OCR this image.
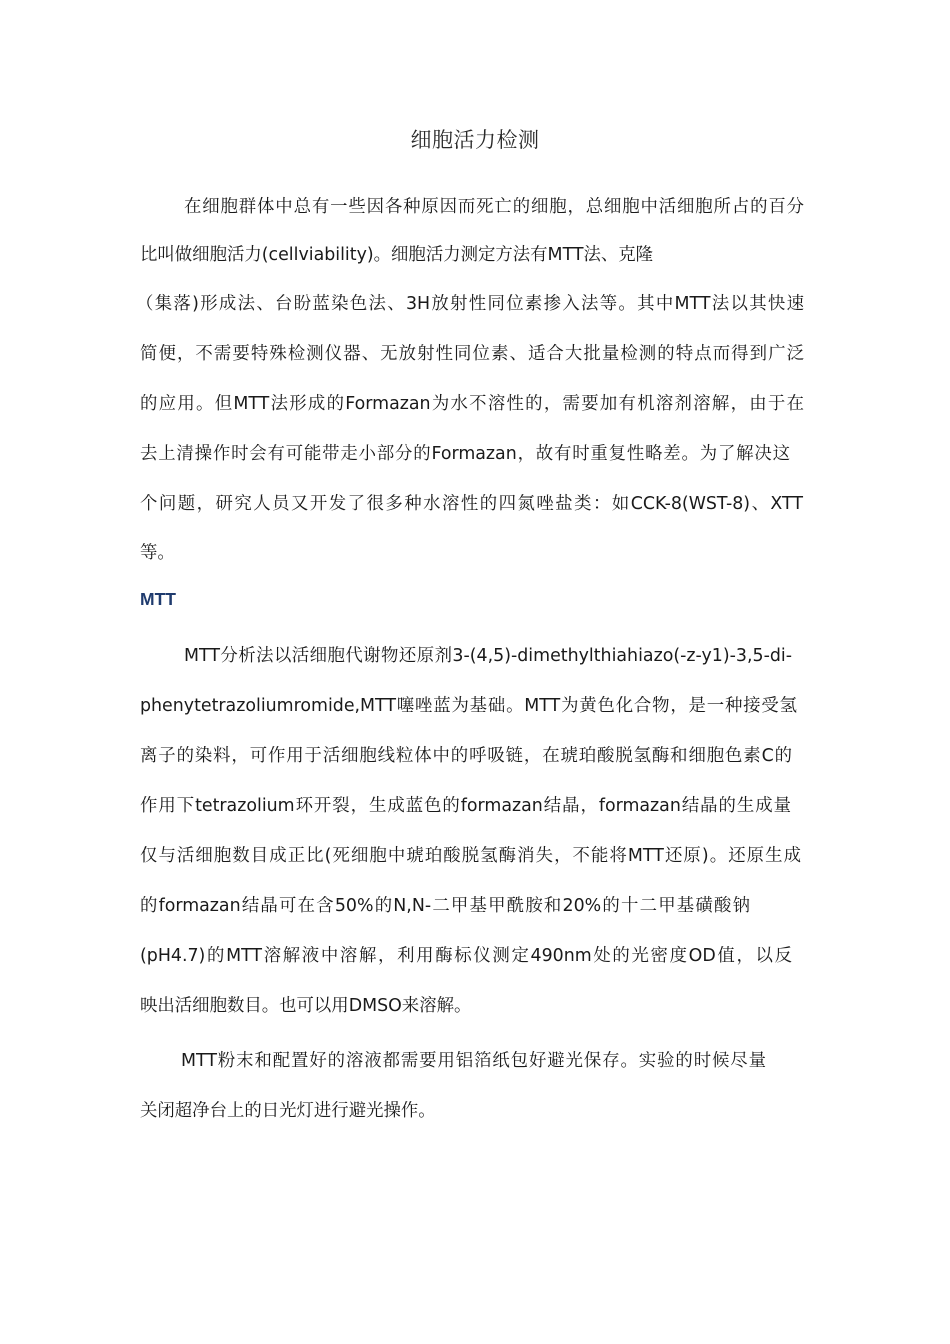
细胞活力检测
在细胞群体中总有一些因各种原因而死亡的细胞，总细胞中活细胞所占的百分
比叫做细胞活力(cellviability)。细胞活力测定方法有MTT法、克隆
（集落)形成法、台盼蓝染色法、3H放射性同位素掺入法等。其中MTT法以其快速
简便，不需要特殊检测仪器、无放射性同位素、适合大批量检测的特点而得到广泛
的应用。但MTT法形成的Formazan为水不溶性的，需要加有机溶剂溶解，由于在
去上清操作时会有可能带走小部分的Formazan，故有时重复性略差。为了解决这
个问题，研究人员又开发了很多种水溶性的四氮唑盐类：如CCK-8(WST-8)、XTT
等。
MTT
MTT分析法以活细胞代谢物还原剂3-(4,5)-dimethylthiahiazo(-z-y1)-3,5-di-
phenytetrazoliumromide,MTT噻唑蓝为基础。MTT为黄色化合物，是一种接受氢
离子的染料，可作用于活细胞线粒体中的呼吸链，在琥珀酸脱氢酶和细胞色素C的
作用下tetrazolium环开裂，生成蓝色的formazan结晶，formazan结晶的生成量
仅与活细胞数目成正比(死细胞中琥珀酸脱氢酶消失，不能将MTT还原)。还原生成
的formazan结晶可在含50%的N,N-二甲基甲酰胺和20%的十二甲基磺酸钠
(pH4.7)的MTT溶解液中溶解，利用酶标仪测定490nm处的光密度OD值，以反
映出活细胞数目。也可以用DMSO来溶解。
MTT粉末和配置好的溶液都需要用铝箔纸包好避光保存。实验的时候尽量
关闭超净台上的日光灯进行避光操作。
